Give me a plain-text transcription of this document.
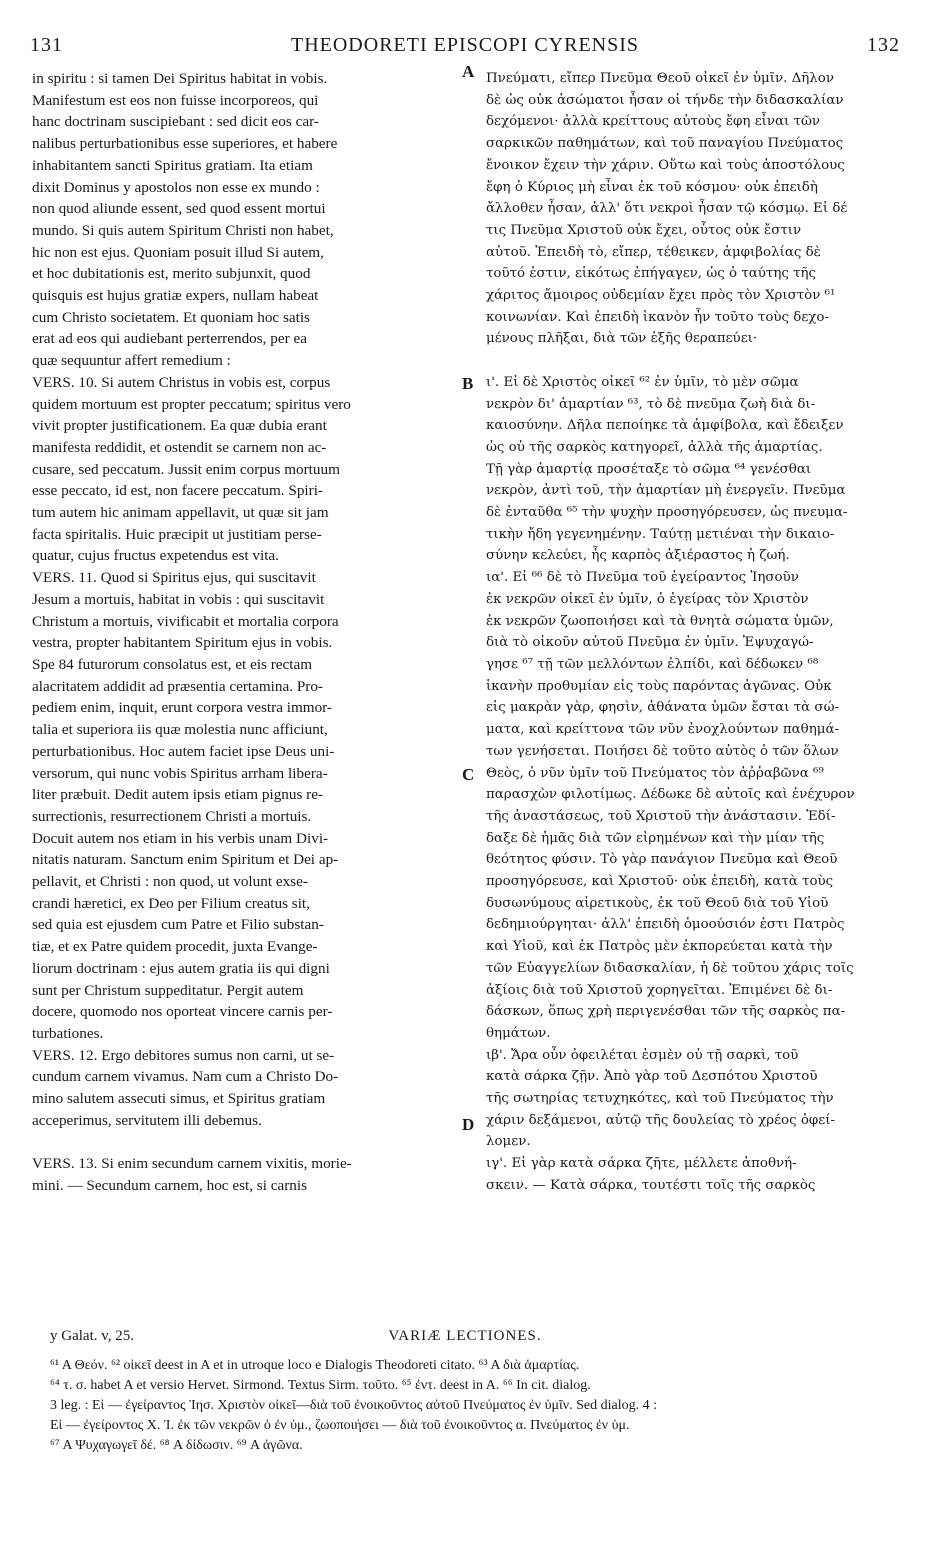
131	THEODORETI EPISCOPI CYRENSIS	132
A
B
C
D
in spiritu : si tamen Dei Spiritus habitat in vobis.
Manifestum est eos non fuisse incorporeos, qui
hanc doctrinam suscipiebant : sed dicit eos car-
nalibus perturbationibus esse superiores, et habere
inhabitantem sancti Spiritus gratiam. Ita etiam
dixit Dominus y apostolos non esse ex mundo :
non quod aliunde essent, sed quod essent mortui
mundo. Si quis autem Spiritum Christi non habet,
hic non est ejus. Quoniam posuit illud Si autem,
et hoc dubitationis est, merito subjunxit, quod
quisquis est hujus gratiæ expers, nullam habeat
cum Christo societatem. Et quoniam hoc satis
erat ad eos qui audiebant perterrendos, per ea
quæ sequuntur affert remedium :
VERS. 10. Si autem Christus in vobis est, corpus
quidem mortuum est propter peccatum; spiritus vero
vivit propter justificationem. Ea quæ dubia erant
manifesta reddidit, et ostendit se carnem non ac-
cusare, sed peccatum. Jussit enim corpus mortuum
esse peccato, id est, non facere peccatum. Spiri-
tum autem hic animam appellavit, ut quæ sit jam
facta spiritalis. Huic præcipit ut justitiam perse-
quatur, cujus fructus expetendus est vita.
VERS. 11. Quod si Spiritus ejus, qui suscitavit
Jesum a mortuis, habitat in vobis : qui suscitavit
Christum a mortuis, vivificabit et mortalia corpora
vestra, propter habitantem Spiritum ejus in vobis.
Spe 84 futurorum consolatus est, et eis rectam
alacritatem addidit ad præsentia certamina. Pro-
pediem enim, inquit, erunt corpora vestra immor-
talia et superiora iis quæ molestia nunc afficiunt,
perturbationibus. Hoc autem faciet ipse Deus uni-
versorum, qui nunc vobis Spiritus arrham libera-
liter præbuit. Dedit autem ipsis etiam pignus re-
surrectionis, resurrectionem Christi a mortuis.
Docuit autem nos etiam in his verbis unam Divi-
nitatis naturam. Sanctum enim Spiritum et Dei ap-
pellavit, et Christi : non quod, ut volunt exse-
crandi hæretici, ex Deo per Filium creatus sit,
sed quia est ejusdem cum Patre et Filio substan-
tiæ, et ex Patre quidem procedit, juxta Evange-
liorum doctrinam : ejus autem gratia iis qui digni
sunt per Christum suppeditatur. Pergit autem
docere, quomodo nos oporteat vincere carnis per-
turbationes.
VERS. 12. Ergo debitores sumus non carni, ut se-
cundum carnem vivamus. Nam cum a Christo Do-
mino salutem assecuti simus, et Spiritus gratiam
acceperimus, servitutem illi debemus.

VERS. 13. Si enim secundum carnem vixitis, morie-
mini. — Secundum carnem, hoc est, si carnis
Πνεύματι, εἴπερ Πνεῦμα Θεοῦ οἰκεῖ ἐν ὑμῖν. Δῆλον
δὲ ὡς οὐκ ἀσώματοι ἦσαν οἱ τήνδε τὴν διδασκαλίαν
δεχόμενοι· ἀλλὰ κρείττους αὐτοὺς ἔφη εἶναι τῶν
σαρκικῶν παθημάτων, καὶ τοῦ παναγίου Πνεύματος
ἔνοικον ἔχειν τὴν χάριν. Οὕτω καὶ τοὺς ἀποστόλους
ἔφη ὁ Κύριος μὴ εἶναι ἐκ τοῦ κόσμου· οὐκ ἐπειδὴ
ἄλλοθεν ἦσαν, ἀλλ' ὅτι νεκροὶ ἦσαν τῷ κόσμῳ. Εἰ δέ
τις Πνεῦμα Χριστοῦ οὐκ ἔχει, οὗτος οὐκ ἔστιν
αὐτοῦ. Ἐπειδὴ τὸ, εἴπερ, τέθεικεν, ἀμφιβολίας δὲ
τοῦτό ἐστιν, εἰκότως ἐπήγαγεν, ὡς ὁ ταύτης τῆς
χάριτος ἄμοιρος οὐδεμίαν ἔχει πρὸς τὸν Χριστὸν ⁶¹
κοινωνίαν. Καὶ ἐπειδὴ ἱκανὸν ἦν τοῦτο τοὺς δεχο-
μένους πλῆξαι, διὰ τῶν ἑξῆς θεραπεύει·

ι'. Εἰ δὲ Χριστὸς οἰκεῖ ⁶² ἐν ὑμῖν, τὸ μὲν σῶμα
νεκρὸν δι' ἁμαρτίαν ⁶³, τὸ δὲ πνεῦμα ζωὴ διὰ δι-
καιοσύνην. Δῆλα πεποίηκε τὰ ἀμφίβολα, καὶ ἔδειξεν
ὡς οὐ τῆς σαρκὸς κατηγορεῖ, ἀλλὰ τῆς ἁμαρτίας.
Τῇ γὰρ ἁμαρτίᾳ προσέταξε τὸ σῶμα ⁶⁴ γενέσθαι
νεκρὸν, ἀντὶ τοῦ, τὴν ἁμαρτίαν μὴ ἐνεργεῖν. Πνεῦμα
δὲ ἐνταῦθα ⁶⁵ τὴν ψυχὴν προσηγόρευσεν, ὡς πνευμα-
τικὴν ἤδη γεγενημένην. Ταύτῃ μετιέναι τὴν δικαιο-
σύνην κελεύει, ἧς καρπὸς ἀξιέραστος ἡ ζωή.
ια'. Εἰ ⁶⁶ δὲ τὸ Πνεῦμα τοῦ ἐγείραντος Ἰησοῦν
ἐκ νεκρῶν οἰκεῖ ἐν ὑμῖν, ὁ ἐγείρας τὸν Χριστὸν
ἐκ νεκρῶν ζωοποιήσει καὶ τὰ θνητὰ σώματα ὑμῶν,
διὰ τὸ οἰκοῦν αὐτοῦ Πνεῦμα ἐν ὑμῖν. Ἐψυχαγώ-
γησε ⁶⁷ τῇ τῶν μελλόντων ἐλπίδι, καὶ δέδωκεν ⁶⁸
ἱκανὴν προθυμίαν εἰς τοὺς παρόντας ἀγῶνας. Οὐκ
εἰς μακρὰν γὰρ, φησὶν, ἀθάνατα ὑμῶν ἔσται τὰ σώ-
ματα, καὶ κρείττονα τῶν νῦν ἐνοχλούντων παθημά-
των γενήσεται. Ποιήσει δὲ τοῦτο αὐτὸς ὁ τῶν ὅλων
Θεὸς, ὁ νῦν ὑμῖν τοῦ Πνεύματος τὸν ἀῤῥαβῶνα ⁶⁹
παρασχὼν φιλοτίμως. Δέδωκε δὲ αὐτοῖς καὶ ἐνέχυρον
τῆς ἀναστάσεως, τοῦ Χριστοῦ τὴν ἀνάστασιν. Ἐδί-
δαξε δὲ ἡμᾶς διὰ τῶν εἰρημένων καὶ τὴν μίαν τῆς
θεότητος φύσιν. Τὸ γὰρ πανάγιον Πνεῦμα καὶ Θεοῦ
προσηγόρευσε, καὶ Χριστοῦ· οὐκ ἐπειδὴ, κατὰ τοὺς
δυσωνύμους αἱρετικοὺς, ἐκ τοῦ Θεοῦ διὰ τοῦ Υἱοῦ
δεδημιούργηται· ἀλλ' ἐπειδὴ ὁμοούσιόν ἐστι Πατρὸς
καὶ Υἱοῦ, καὶ ἐκ Πατρὸς μὲν ἐκπορεύεται κατὰ τὴν
τῶν Εὐαγγελίων διδασκαλίαν, ἡ δὲ τοῦτου χάρις τοῖς
ἀξίοις διὰ τοῦ Χριστοῦ χορηγεῖται. Ἐπιμένει δὲ δι-
δάσκων, ὅπως χρὴ περιγενέσθαι τῶν τῆς σαρκὸς πα-
θημάτων.
ιβ'. Ἄρα οὖν ὀφειλέται ἐσμὲν οὐ τῇ σαρκὶ, τοῦ
κατὰ σάρκα ζῇν. Ἀπὸ γὰρ τοῦ Δεσπότου Χριστοῦ
τῆς σωτηρίας τετυχηκότες, καὶ τοῦ Πνεύματος τὴν
χάριν δεξάμενοι, αὐτῷ τῆς δουλείας τὸ χρέος ὀφεί-
λομεν.
ιγ'. Εἰ γὰρ κατὰ σάρκα ζῆτε, μέλλετε ἀποθνή-
σκειν. — Κατὰ σάρκα, τουτέστι τοῖς τῆς σαρκὸς
y Galat. v, 25.	VARIÆ LECTIONES.
⁶¹ A Θεόν. ⁶² οἰκεῖ deest in A et in utroque loco e Dialogis Theodoreti citato. ⁶³ A διὰ ἁμαρτίας.
⁶⁴ τ. σ. habet A et versio Hervet. Sirmond. Textus Sirm. τοῦτο. ⁶⁵ ἐντ. deest in A. ⁶⁶ In cit. dialog.
3 leg. : Εἰ — ἐγείραντος Ἰησ. Χριστὸν οἰκεῖ—διὰ τοῦ ἐνοικοῦντος αὐτοῦ Πνεύματος ἐν ὑμῖν. Sed dialog. 4 :
Εἰ — ἐγείροντος X. Ἰ. ἐκ τῶν νεκρῶν ὁ ἐν ὑμ., ζωοποιήσει — διὰ τοῦ ἐνοικοῦντος α. Πνεύματος ἐν ὑμ.
⁶⁷ A Ψυχαγωγεῖ δέ. ⁶⁸ A δίδωσιν. ⁶⁹ A ἀγῶνα.
